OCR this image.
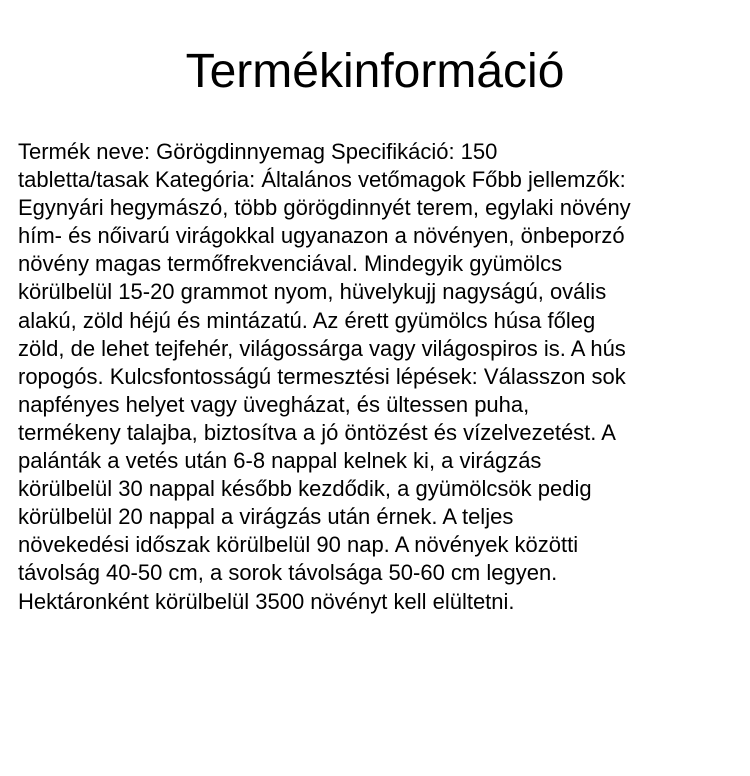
Termékinformáció

Termék neve: Görögdinnyemag Specifikáció: 150
tabletta/tasak Kategória: Általános vetőmagok Főbb jellemzők:
Egynyári hegymászó, több görögdinnyét terem, egylaki növény
hím- és nőivarú virágokkal ugyanazon a növényen, önbeporzó
növény magas termőfrekvenciával. Mindegyik gyümölcs
körülbelül 15-20 grammot nyom, hüvelykujj nagyságú, ovális
alakú, zöld héjú és mintázatú. Az érett gyümölcs húsa főleg
zöld, de lehet tejfehér, világossárga vagy világospiros is. A hús
ropogós. Kulcsfontosságú termesztési lépések: Válasszon sok
napfényes helyet vagy üvegházat, és ültessen puha,
termékeny talajba, biztosítva a jó öntözést és vízelvezetést. A
palánták a vetés után 6-8 nappal kelnek ki, a virágzás
körülbelül 30 nappal később kezdődik, a gyümölcsök pedig
körülbelül 20 nappal a virágzás után érnek. A teljes
növekedési időszak körülbelül 90 nap. A növények közötti
távolság 40-50 cm, a sorok távolsága 50-60 cm legyen.
Hektáronként körülbelül 3500 növényt kell elültetni.
